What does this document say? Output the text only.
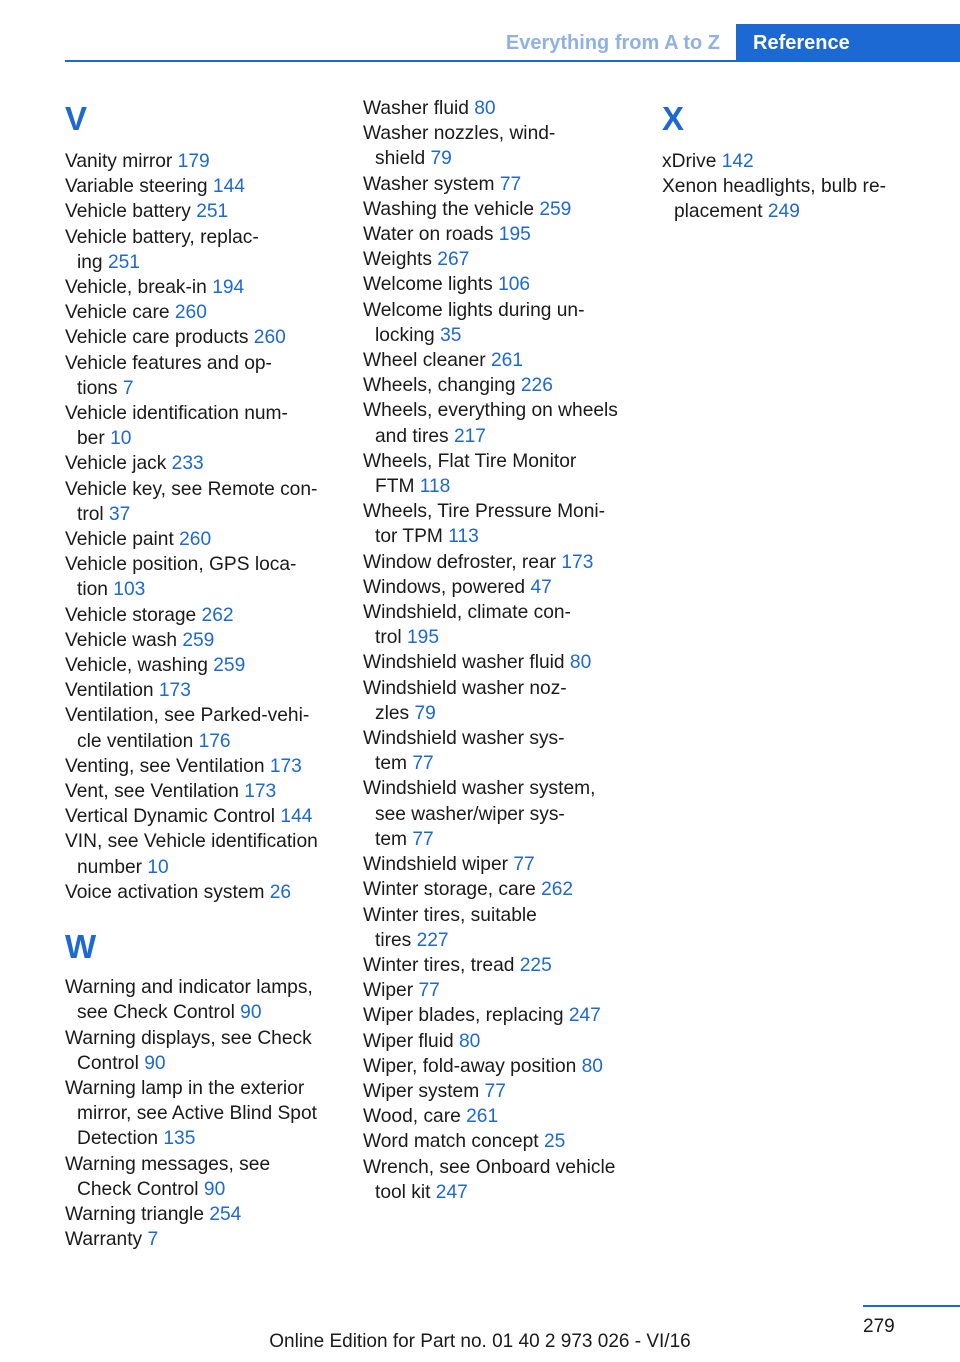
Everything from A to Z	Reference
V
Vanity mirror 179
Variable steering 144
Vehicle battery 251
Vehicle battery, replac-
ing 251
Vehicle, break-in 194
Vehicle care 260
Vehicle care products 260
Vehicle features and op-
tions 7
Vehicle identification num-
ber 10
Vehicle jack 233
Vehicle key, see Remote con-
trol 37
Vehicle paint 260
Vehicle position, GPS loca-
tion 103
Vehicle storage 262
Vehicle wash 259
Vehicle, washing 259
Ventilation 173
Ventilation, see Parked-vehi-
cle ventilation 176
Venting, see Ventilation 173
Vent, see Ventilation 173
Vertical Dynamic Control 144
VIN, see Vehicle identification
number 10
Voice activation system 26
W
Warning and indicator lamps,
see Check Control 90
Warning displays, see Check
Control 90
Warning lamp in the exterior
mirror, see Active Blind Spot
Detection 135
Warning messages, see
Check Control 90
Warning triangle 254
Warranty 7
Washer fluid 80
Washer nozzles, wind-
shield 79
Washer system 77
Washing the vehicle 259
Water on roads 195
Weights 267
Welcome lights 106
Welcome lights during un-
locking 35
Wheel cleaner 261
Wheels, changing 226
Wheels, everything on wheels
and tires 217
Wheels, Flat Tire Monitor
FTM 118
Wheels, Tire Pressure Moni-
tor TPM 113
Window defroster, rear 173
Windows, powered 47
Windshield, climate con-
trol 195
Windshield washer fluid 80
Windshield washer noz-
zles 79
Windshield washer sys-
tem 77
Windshield washer system,
see washer/wiper sys-
tem 77
Windshield wiper 77
Winter storage, care 262
Winter tires, suitable
tires 227
Winter tires, tread 225
Wiper 77
Wiper blades, replacing 247
Wiper fluid 80
Wiper, fold-away position 80
Wiper system 77
Wood, care 261
Word match concept 25
Wrench, see Onboard vehicle
tool kit 247
X
xDrive 142
Xenon headlights, bulb re-
placement 249
279
Online Edition for Part no. 01 40 2 973 026 - VI/16
